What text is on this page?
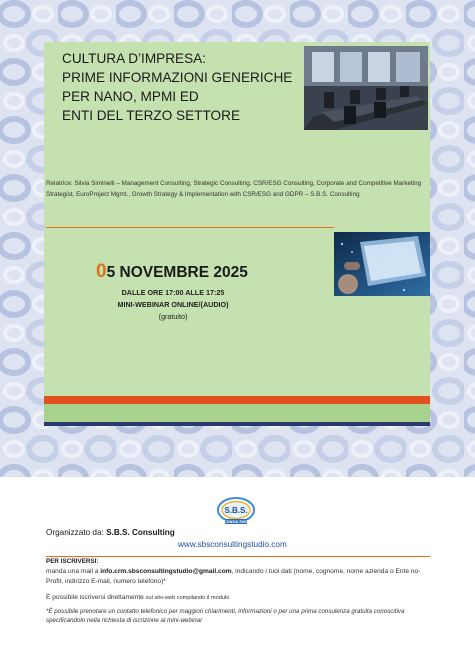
CULTURA D’IMPRESA:
PRIME INFORMAZIONI GENERICHE
PER NANO, MPMI ED
ENTI DEL TERZO SETTORE
Relatrice: Silvia Siminelli – Management Consulting, Strategic Consulting, CSR/ESG Consulting, Corporate and Competitive Marketing Strategist, EuroProject Mgmt., Growth Strategy & Implementation with CSR/ESG and GDPR – S.B.S. Consulting
05 NOVEMBRE 2025
DALLE ORE 17:00 ALLE 17:25
MINI-WEBINAR ONLINE/(AUDIO)
(gratuito)
S.B.S.
CONSULTING
Organizzato da: S.B.S. Consulting
www.sbsconsultingstudio.com
PER ISCRIVERSI:
manda una mail a info.crm.sbsconsultingstudio@gmail.com, indicando i tuoi dati (nome, cognome, nome azienda o Ente no-Profit, indirizzo E-mail, numero telefono)*
È possibile iscriversi direttamente sul sito-web compilando il modulo
*È possibile prenotare un contatto telefonico per maggiori chiarimenti, informazioni o per una prima consulenza gratuita conoscitiva specificandolo nella richiesta di iscrizione al mini-webinar
